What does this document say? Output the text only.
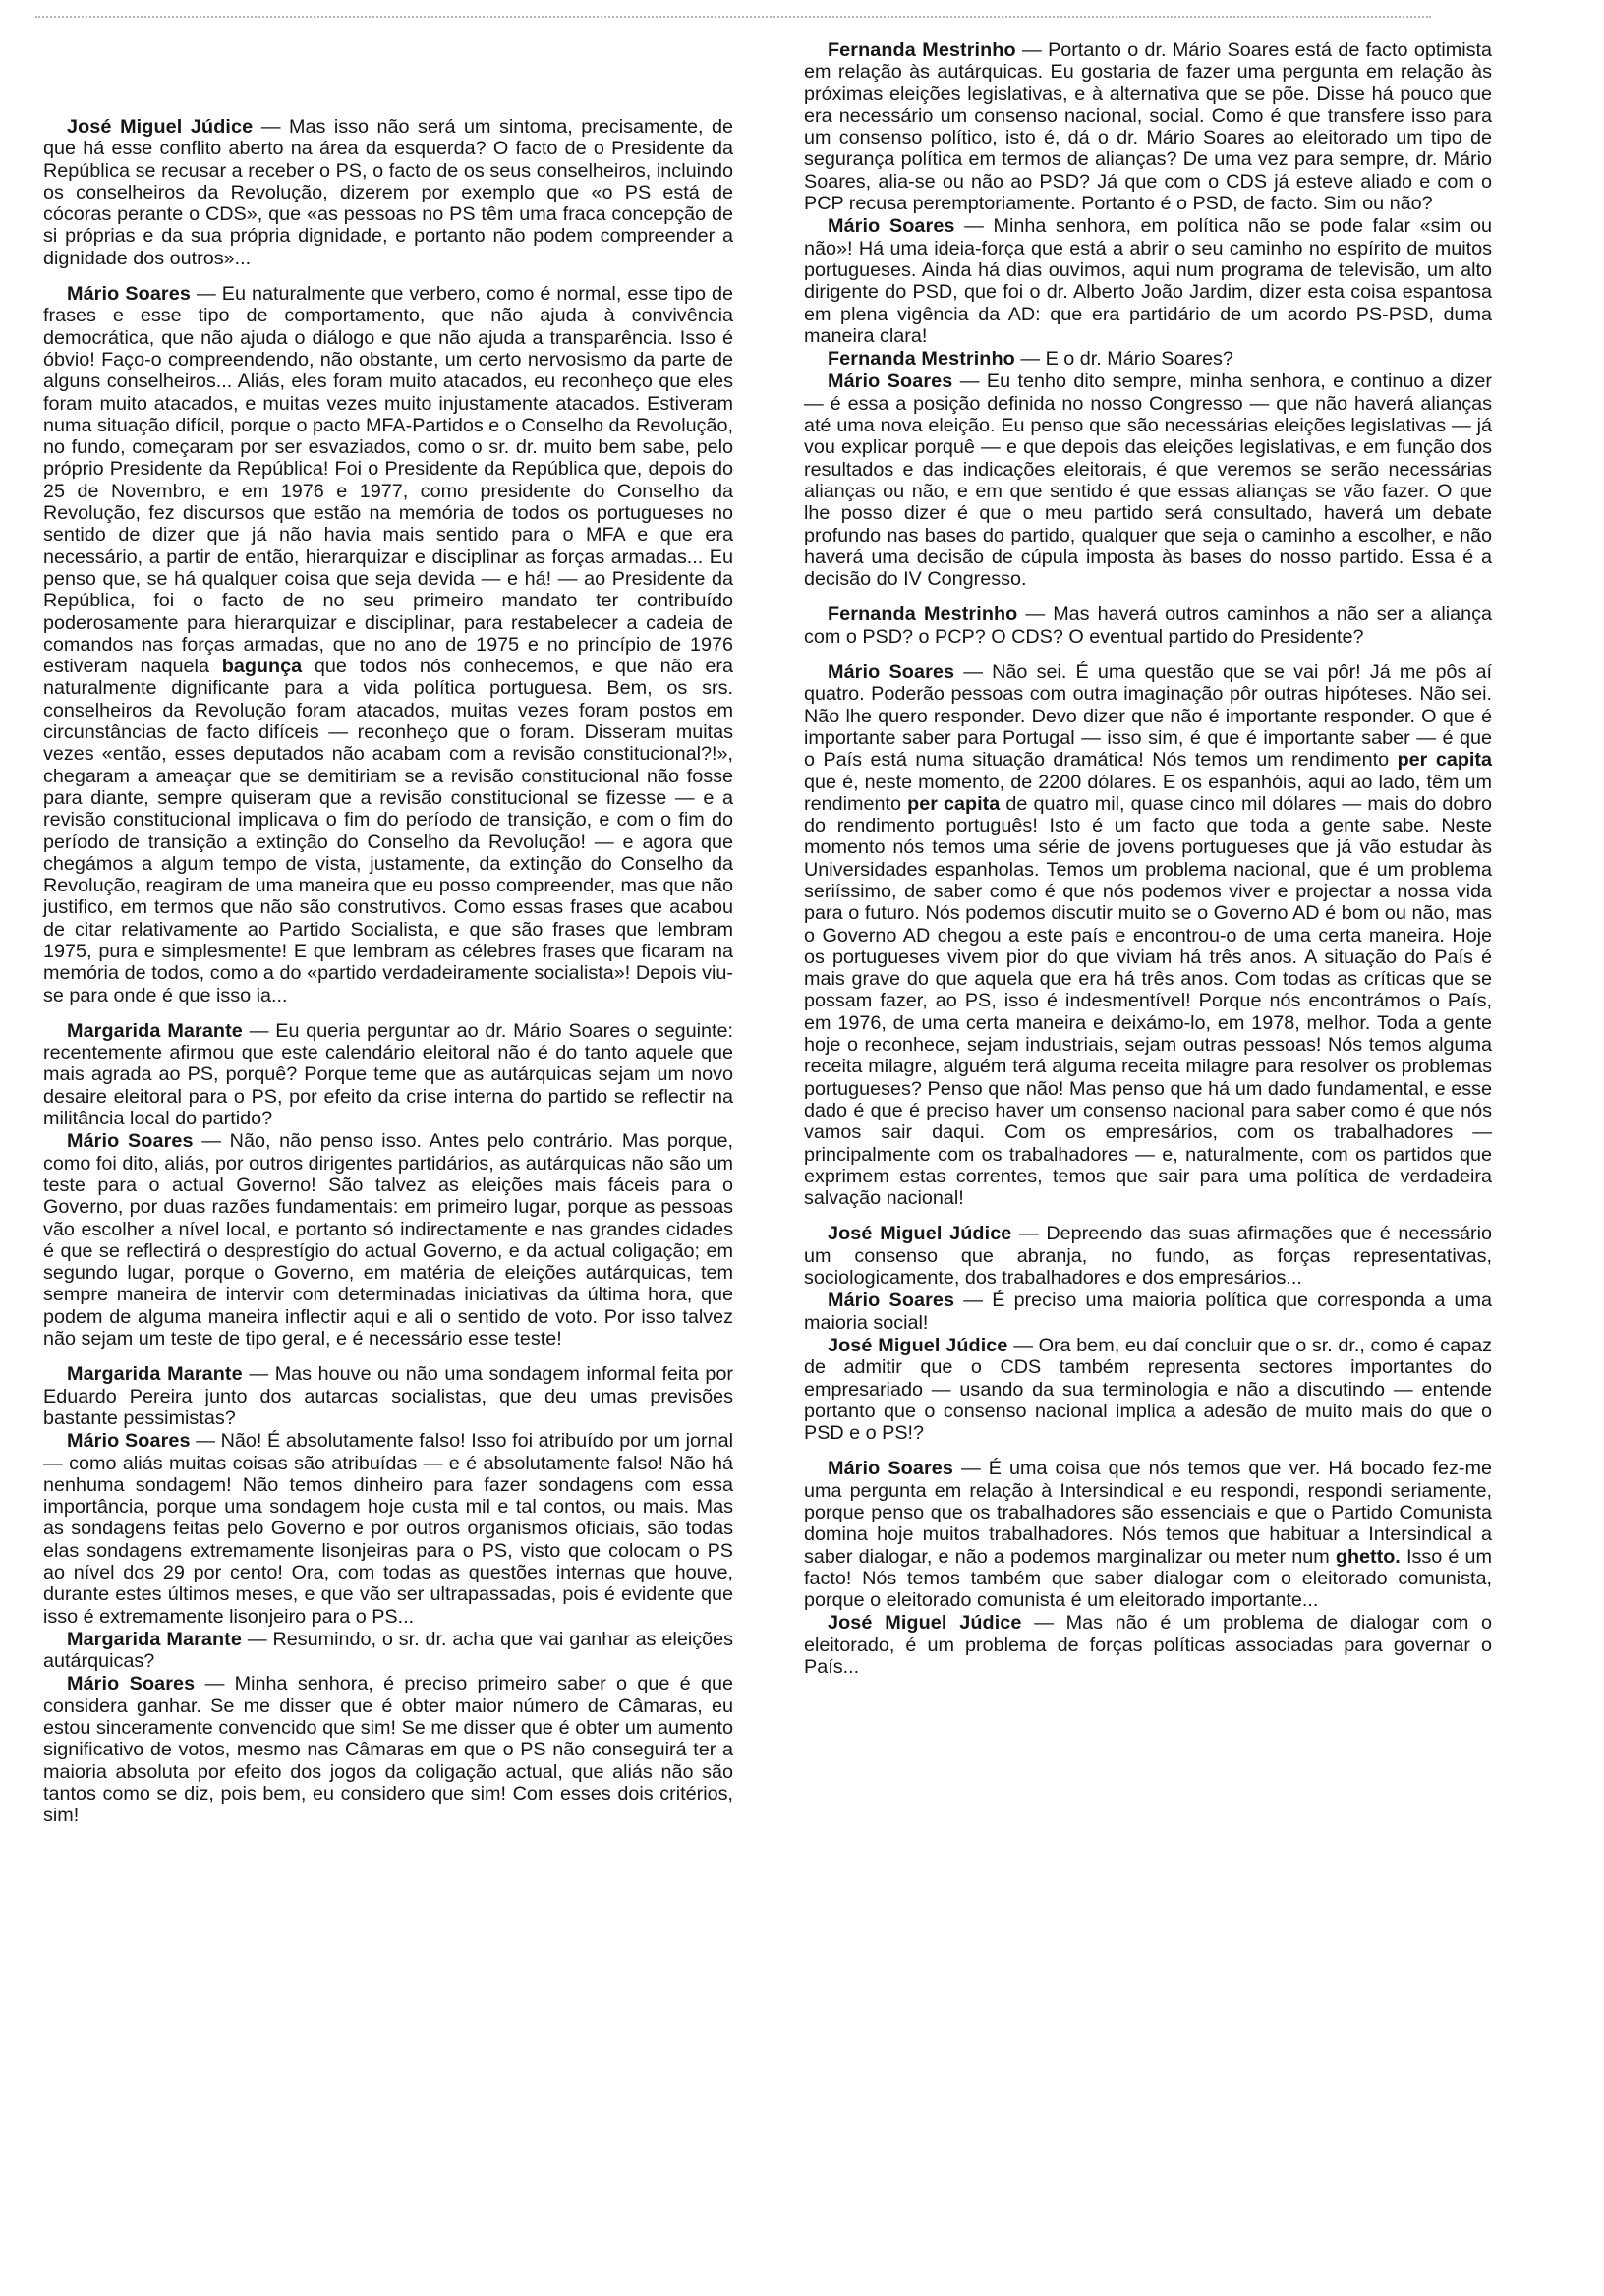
José Miguel Júdice — Mas isso não será um sintoma, precisamente, de que há esse conflito aberto na área da esquerda? O facto de o Presidente da República se recusar a receber o PS, o facto de os seus conselheiros, incluindo os conselheiros da Revolução, dizerem por exemplo que «o PS está de cócoras perante o CDS», que «as pessoas no PS têm uma fraca concepção de si próprias e da sua própria dignidade, e portanto não podem compreender a dignidade dos outros»...

Mário Soares — Eu naturalmente que verbero, como é normal, esse tipo de frases e esse tipo de comportamento, que não ajuda à convivência democrática, que não ajuda o diálogo e que não ajuda a transparência. Isso é óbvio! Faço-o compreendendo, não obstante, um certo nervosismo da parte de alguns conselheiros... Aliás, eles foram muito atacados, eu reconheço que eles foram muito atacados, e muitas vezes muito injustamente atacados. Estiveram numa situação difícil, porque o pacto MFA-Partidos e o Conselho da Revolução, no fundo, começaram por ser esvaziados, como o sr. dr. muito bem sabe, pelo próprio Presidente da República! Foi o Presidente da República que, depois do 25 de Novembro, e em 1976 e 1977, como presidente do Conselho da Revolução, fez discursos que estão na memória de todos os portugueses no sentido de dizer que já não havia mais sentido para o MFA e que era necessário, a partir de então, hierarquizar e disciplinar as forças armadas... Eu penso que, se há qualquer coisa que seja devida — e há! — ao Presidente da República, foi o facto de no seu primeiro mandato ter contribuído poderosamente para hierarquizar e disciplinar, para restabelecer a cadeia de comandos nas forças armadas, que no ano de 1975 e no princípio de 1976 estiveram naquela bagunça que todos nós conhecemos, e que não era naturalmente dignificante para a vida política portuguesa. Bem, os srs. conselheiros da Revolução foram atacados, muitas vezes foram postos em circunstâncias de facto difíceis — reconheço que o foram. Disseram muitas vezes «então, esses deputados não acabam com a revisão constitucional?!», chegaram a ameaçar que se demitiriam se a revisão constitucional não fosse para diante, sempre quiseram que a revisão constitucional se fizesse — e a revisão constitucional implicava o fim do período de transição, e com o fim do período de transição a extinção do Conselho da Revolução! — e agora que chegámos a algum tempo de vista, justamente, da extinção do Conselho da Revolução, reagiram de uma maneira que eu posso compreender, mas que não justifico, em termos que não são construtivos. Como essas frases que acabou de citar relativamente ao Partido Socialista, e que são frases que lembram 1975, pura e simplesmente! E que lembram as célebres frases que ficaram na memória de todos, como a do «partido verdadeiramente socialista»! Depois viu-se para onde é que isso ia...

Margarida Marante — Eu queria perguntar ao dr. Mário Soares o seguinte: recentemente afirmou que este calendário eleitoral não é do tanto aquele que mais agrada ao PS, porquê? Porque teme que as autárquicas sejam um novo desaire eleitoral para o PS, por efeito da crise interna do partido se reflectir na militância local do partido?

Mário Soares — Não, não penso isso. Antes pelo contrário. Mas porque, como foi dito, aliás, por outros dirigentes partidários, as autárquicas não são um teste para o actual Governo! São talvez as eleições mais fáceis para o Governo, por duas razões fundamentais: em primeiro lugar, porque as pessoas vão escolher a nível local, e portanto só indirectamente e nas grandes cidades é que se reflectirá o desprestígio do actual Governo, e da actual coligação; em segundo lugar, porque o Governo, em matéria de eleições autárquicas, tem sempre maneira de intervir com determinadas iniciativas da última hora, que podem de alguma maneira inflectir aqui e ali o sentido de voto. Por isso talvez não sejam um teste de tipo geral, e é necessário esse teste!

Margarida Marante — Mas houve ou não uma sondagem informal feita por Eduardo Pereira junto dos autarcas socialistas, que deu umas previsões bastante pessimistas?

Mário Soares — Não! É absolutamente falso! Isso foi atribuído por um jornal — como aliás muitas coisas são atribuídas — e é absolutamente falso! Não há nenhuma sondagem! Não temos dinheiro para fazer sondagens com essa importância, porque uma sondagem hoje custa mil e tal contos, ou mais. Mas as sondagens feitas pelo Governo e por outros organismos oficiais, são todas elas sondagens extremamente lisonjeiras para o PS, visto que colocam o PS ao nível dos 29 por cento! Ora, com todas as questões internas que houve, durante estes últimos meses, e que vão ser ultrapassadas, pois é evidente que isso é extremamente lisonjeiro para o PS...

Margarida Marante — Resumindo, o sr. dr. acha que vai ganhar as eleições autárquicas?

Mário Soares — Minha senhora, é preciso primeiro saber o que é que considera ganhar. Se me disser que é obter maior número de Câmaras, eu estou sinceramente convencido que sim! Se me disser que é obter um aumento significativo de votos, mesmo nas Câmaras em que o PS não conseguirá ter a maioria absoluta por efeito dos jogos da coligação actual, que aliás não são tantos como se diz, pois bem, eu considero que sim! Com esses dois critérios, sim!

Fernanda Mestrinho — Portanto o dr. Mário Soares está de facto optimista em relação às autárquicas. Eu gostaria de fazer uma pergunta em relação às próximas eleições legislativas, e à alternativa que se põe. Disse há pouco que era necessário um consenso nacional, social. Como é que transfere isso para um consenso político, isto é, dá o dr. Mário Soares ao eleitorado um tipo de segurança política em termos de alianças? De uma vez para sempre, dr. Mário Soares, alia-se ou não ao PSD? Já que com o CDS já esteve aliado e com o PCP recusa peremptoriamente. Portanto é o PSD, de facto. Sim ou não?

Mário Soares — Minha senhora, em política não se pode falar «sim ou não»! Há uma ideia-força que está a abrir o seu caminho no espírito de muitos portugueses. Ainda há dias ouvimos, aqui num programa de televisão, um alto dirigente do PSD, que foi o dr. Alberto João Jardim, dizer esta coisa espantosa em plena vigência da AD: que era partidário de um acordo PS-PSD, duma maneira clara!

Fernanda Mestrinho — E o dr. Mário Soares?

Mário Soares — Eu tenho dito sempre, minha senhora, e continuo a dizer — é essa a posição definida no nosso Congresso — que não haverá alianças até uma nova eleição. Eu penso que são necessárias eleições legislativas — já vou explicar porquê — e que depois das eleições legislativas, e em função dos resultados e das indicações eleitorais, é que veremos se serão necessárias alianças ou não, e em que sentido é que essas alianças se vão fazer. O que lhe posso dizer é que o meu partido será consultado, haverá um debate profundo nas bases do partido, qualquer que seja o caminho a escolher, e não haverá uma decisão de cúpula imposta às bases do nosso partido. Essa é a decisão do IV Congresso.

Fernanda Mestrinho — Mas haverá outros caminhos a não ser a aliança com o PSD? o PCP? O CDS? O eventual partido do Presidente?

Mário Soares — Não sei. É uma questão que se vai pôr! Já me pôs aí quatro. Poderão pessoas com outra imaginação pôr outras hipóteses. Não sei. Não lhe quero responder. Devo dizer que não é importante responder. O que é importante saber para Portugal — isso sim, é que é importante saber — é que o País está numa situação dramática! Nós temos um rendimento per capita que é, neste momento, de 2200 dólares. E os espanhóis, aqui ao lado, têm um rendimento per capita de quatro mil, quase cinco mil dólares — mais do dobro do rendimento português! Isto é um facto que toda a gente sabe. Neste momento nós temos uma série de jovens portugueses que já vão estudar às Universidades espanholas. Temos um problema nacional, que é um problema seriíssimo, de saber como é que nós podemos viver e projectar a nossa vida para o futuro. Nós podemos discutir muito se o Governo AD é bom ou não, mas o Governo AD chegou a este país e encontrou-o de uma certa maneira. Hoje os portugueses vivem pior do que viviam há três anos. A situação do País é mais grave do que aquela que era há três anos. Com todas as críticas que se possam fazer, ao PS, isso é indesmentível! Porque nós encontrámos o País, em 1976, de uma certa maneira e deixámo-lo, em 1978, melhor. Toda a gente hoje o reconhece, sejam industriais, sejam outras pessoas! Nós temos alguma receita milagre, alguém terá alguma receita milagre para resolver os problemas portugueses? Penso que não! Mas penso que há um dado fundamental, e esse dado é que é preciso haver um consenso nacional para saber como é que nós vamos sair daqui. Com os empresários, com os trabalhadores — principalmente com os trabalhadores — e, naturalmente, com os partidos que exprimem estas correntes, temos que sair para uma política de verdadeira salvação nacional!

José Miguel Júdice — Depreendo das suas afirmações que é necessário um consenso que abranja, no fundo, as forças representativas, sociologicamente, dos trabalhadores e dos empresários...

Mário Soares — É preciso uma maioria política que corresponda a uma maioria social!

José Miguel Júdice — Ora bem, eu daí concluir que o sr. dr., como é capaz de admitir que o CDS também representa sectores importantes do empresariado — usando da sua terminologia e não a discutindo — entende portanto que o consenso nacional implica a adesão de muito mais do que o PSD e o PS!?

Mário Soares — É uma coisa que nós temos que ver. Há bocado fez-me uma pergunta em relação à Intersindical e eu respondi, respondi seriamente, porque penso que os trabalhadores são essenciais e que o Partido Comunista domina hoje muitos trabalhadores. Nós temos que habituar a Intersindical a saber dialogar, e não a podemos marginalizar ou meter num ghetto. Isso é um facto! Nós temos também que saber dialogar com o eleitorado comunista, porque o eleitorado comunista é um eleitorado importante...

José Miguel Júdice — Mas não é um problema de dialogar com o eleitorado, é um problema de forças políticas associadas para governar o País...
